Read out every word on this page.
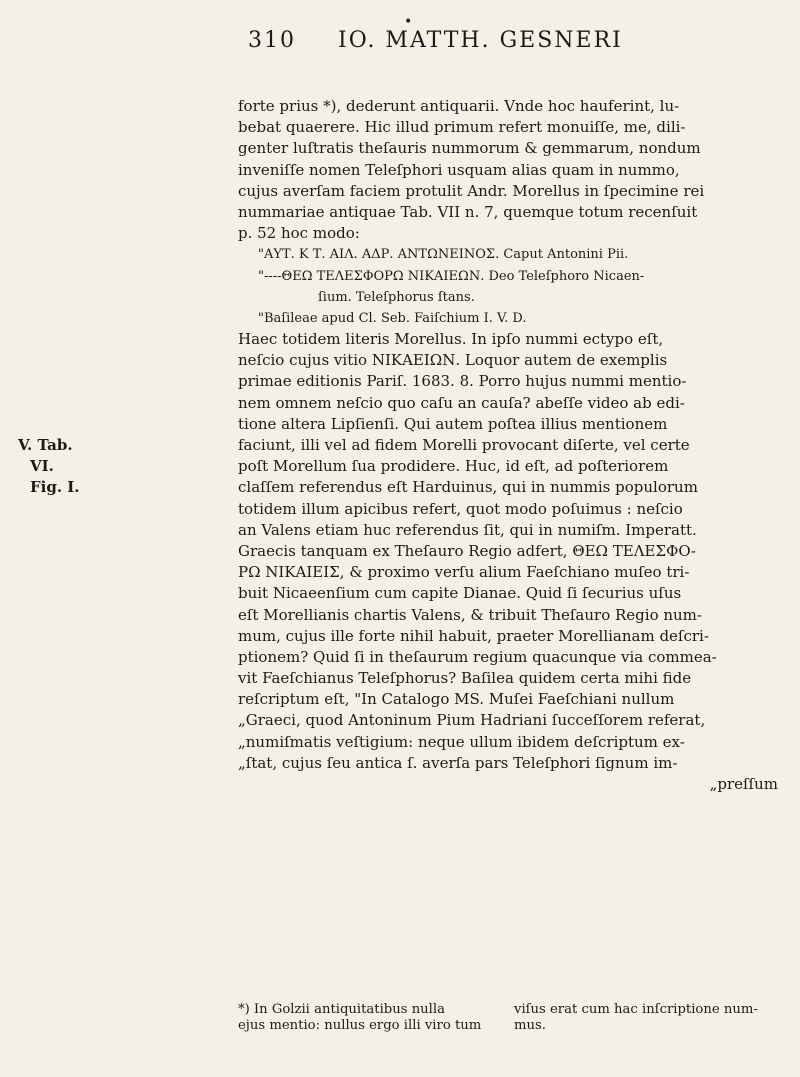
•
310 IO. MATTH. GESNERI
V. Tab.
VI.
Fig. I.
forte prius *), dederunt antiquarii. Vnde hoc hauferint, lu-
bebat quaerere. Hic illud primum refert monuiſſe, me, dili-
genter luſtratis theſauris nummorum & gemmarum, nondum
inveniſſe nomen Teleſphori usquam alias quam in nummo,
cujus averſam faciem protulit Andr. Morellus in ſpecimine rei
nummariae antiquae Tab. VII n. 7, quemque totum recenſuit
p. 52 hoc modo:
"ΑΥΤ. Κ Τ. ΑΙΛ. ΑΔΡ. ΑΝΤΩΝΕΙΝΟΣ. Caput Antonini Pii.
"----ΘΕΩ ΤΕΛΕΣΦΟΡΩ ΝΙΚΑΙΕΩΝ. Deo Teleſphoro Nicaen-
ſium. Teleſphorus ſtans.
"Baſileae apud Cl. Seb. Faiſchium I. V. D.
Haec totidem literis Morellus. In ipſo nummi ectypo eſt,
neſcio cujus vitio ΝΙΚΑΕΙΩΝ. Loquor autem de exemplis
primae editionis Pariſ. 1683. 8. Porro hujus nummi mentio-
nem omnem neſcio quo caſu an cauſa? abeſſe video ab edi-
tione altera Lipſienſi. Qui autem poſtea illius mentionem
faciunt, illi vel ad fidem Morelli provocant diſerte, vel certe
poſt Morellum ſua prodidere. Huc, id eſt, ad poſteriorem
claſſem referendus eſt Harduinus, qui in nummis populorum
totidem illum apicibus refert, quot modo poſuimus : neſcio
an Valens etiam huc referendus ſit, qui in numiſm. Imperatt.
Graecis tanquam ex Theſauro Regio adfert, ΘΕΩ ΤΕΛΕΣΦΟ-
ΡΩ ΝΙΚΑΙΕΙΣ, & proximo verſu alium Faeſchiano muſeo tri-
buit Nicaeenſium cum capite Dianae. Quid ſi ſecurius uſus
eſt Morellianis chartis Valens, & tribuit Theſauro Regio num-
mum, cujus ille forte nihil habuit, praeter Morellianam deſcri-
ptionem? Quid ſi in theſaurum regium quacunque via commea-
vit Faeſchianus Teleſphorus? Baſilea quidem certa mihi fide
reſcriptum eſt, "In Catalogo MS. Muſei Faeſchiani nullum
„Graeci, quod Antoninum Pium Hadriani ſucceſſorem referat,
„numiſmatis veſtigium: neque ullum ibidem deſcriptum ex-
„ſtat, cujus ſeu antica ſ. averſa pars Teleſphori ſignum im-
„preſſum
*) In Golzii antiquitatibus nulla
ejus mentio: nullus ergo illi viro tum
viſus erat cum hac inſcriptione num-
mus.
